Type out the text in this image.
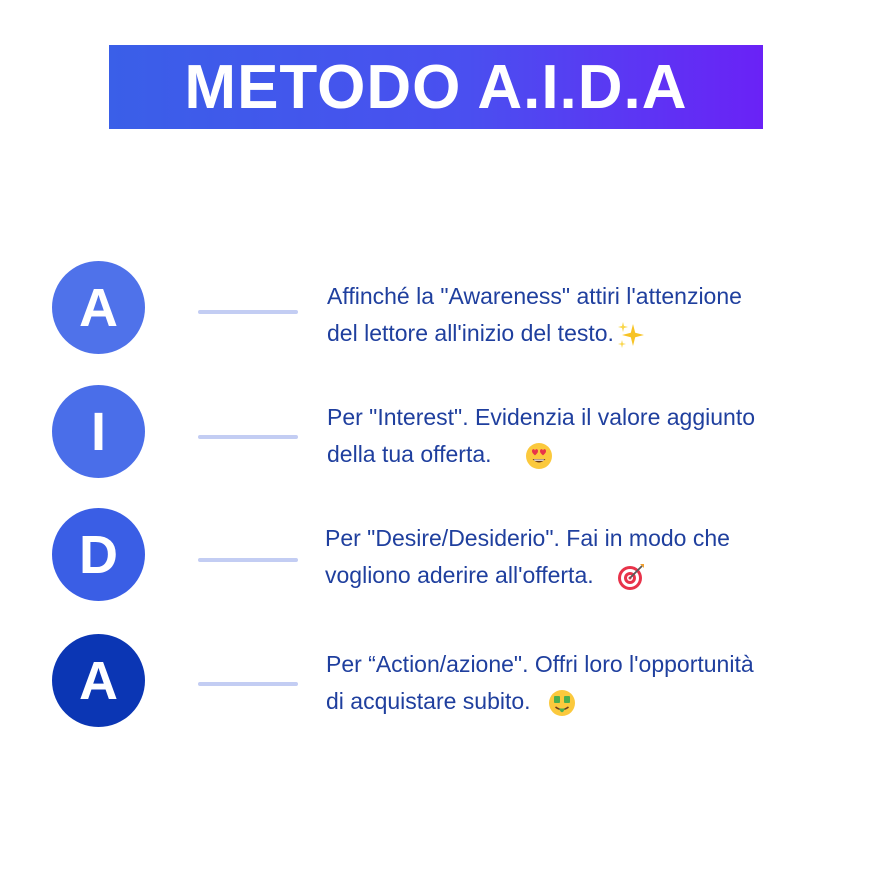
METODO A.I.D.A
A	Affinché la "Awareness" attiri l'attenzione
del lettore all'inizio del testo.
I	Per "Interest". Evidenzia il valore aggiunto
della tua offerta.
D	Per "Desire/Desiderio". Fai in modo che
vogliono aderire all'offerta.
A	Per “Action/azione". Offri loro l'opportunità
di acquistare subito.
